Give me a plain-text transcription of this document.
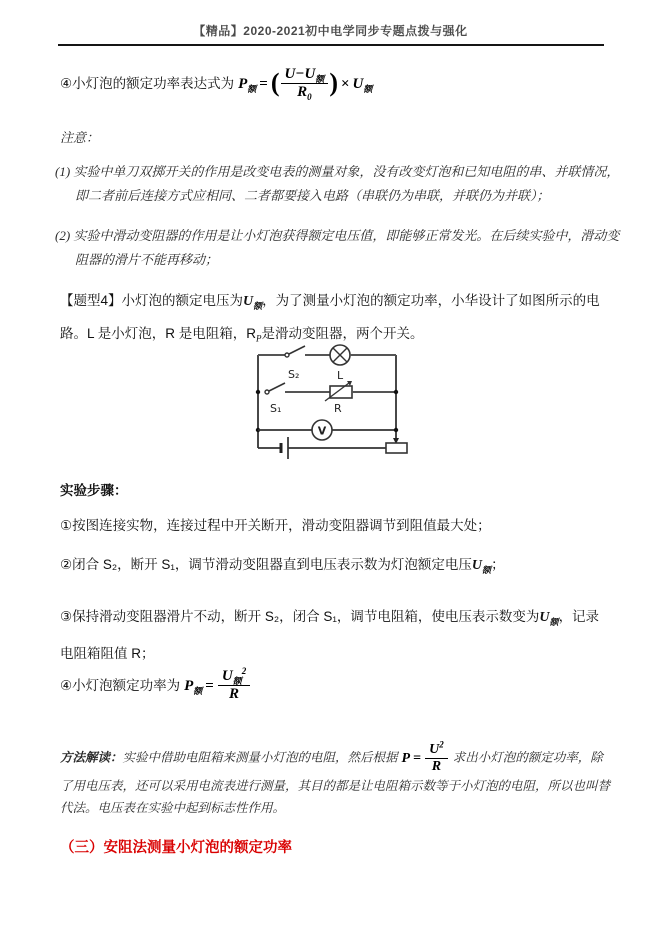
【精品】2020-2021初中电学同步专题点拨与强化
④小灯泡的额定功率表达式为 $P_额$ = ( $\frac{U-U_额}{R_0}$ ) × $U_额$
注意：
(1) 实验中单刀双掷开关的作用是改变电表的测量对象，没有改变灯泡和已知电阻的串、并联情况，即二者前后连接方式应相同、二者都要接入电路（串联仍为串联，并联仍为并联）；
(2) 实验中滑动变阻器的作用是让小灯泡获得额定电压值，即能够正常发光。在后续实验中，滑动变阻器的滑片不能再移动；
【题型4】小灯泡的额定电压为$U_额$，为了测量小灯泡的额定功率，小华设计了如图所示的电路。L 是小灯泡，R 是电阻箱，$R_P$是滑动变阻器，两个开关。
S₂	L
S₁	R
V
实验步骤：
①按图连接实物，连接过程中开关断开，滑动变阻器调节到阻值最大处；
②闭合 S₂，断开 S₁，调节滑动变阻器直到电压表示数为灯泡额定电压$U_额$；
③保持滑动变阻器滑片不动，断开 S₂，闭合 S₁，调节电阻箱，使电压表示数变为$U_额$，记录电阻箱阻值 R；
④小灯泡额定功率为 $P_额 = \frac{U_额^2}{R}$
方法解读：实验中借助电阻箱来测量小灯泡的电阻，然后根据 $P = \frac{U^2}{R}$ 求出小灯泡的额定功率，除了用电压表，还可以采用电流表进行测量，其目的都是让电阻箱示数等于小灯泡的电阻，所以也叫替代法。电压表在实验中起到标志性作用。
（三）安阻法测量小灯泡的额定功率
